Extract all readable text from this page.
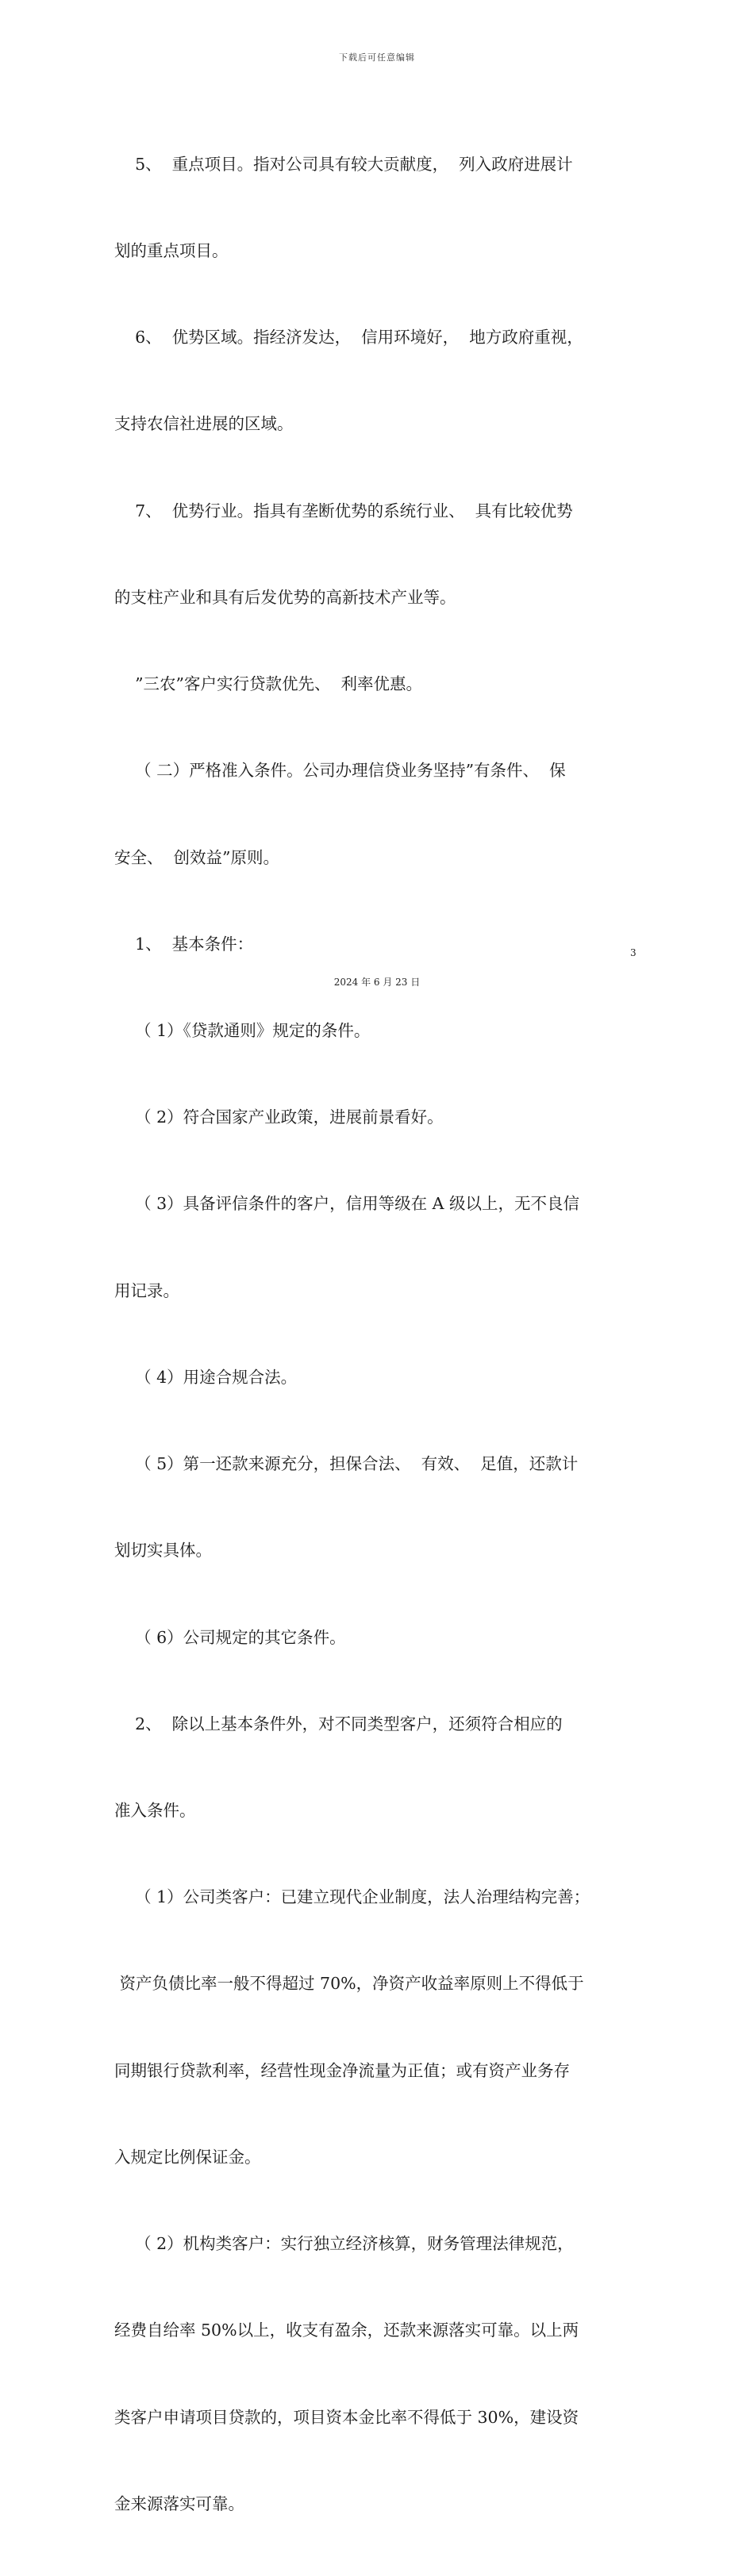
下载后可任意编辑

5、  重点项目。指对公司具有较大贡献度，  列入政府进展计

划的重点项目。

6、  优势区域。指经济发达，  信用环境好，  地方政府重视，

支持农信社进展的区域。

7、  优势行业。指具有垄断优势的系统行业、  具有比较优势

的支柱产业和具有后发优势的高新技术产业等。

”三农”客户实行贷款优先、  利率优惠。

（ 二）严格准入条件。公司办理信贷业务坚持”有条件、  保

安全、  创效益”原则。

1、  基本条件：

（ 1）《贷款通则》规定的条件。

（ 2）符合国家产业政策，进展前景看好。

（ 3）具备评信条件的客户，信用等级在 A 级以上，无不良信

用记录。

（ 4）用途合规合法。

（ 5）第一还款来源充分，担保合法、  有效、  足值，还款计

划切实具体。

（ 6）公司规定的其它条件。

2、  除以上基本条件外，对不同类型客户，还须符合相应的

准入条件。

（ 1）公司类客户：已建立现代企业制度，法人治理结构完善；

资产负债比率一般不得超过 70%，净资产收益率原则上不得低于

同期银行贷款利率，经营性现金净流量为正值；或有资产业务存

入规定比例保证金。

（ 2）机构类客户：实行独立经济核算，财务管理法律规范，

经费自给率 50%以上，收支有盈余，还款来源落实可靠。以上两

类客户申请项目贷款的，项目资本金比率不得低于 30%，建设资

金来源落实可靠。

3
2024 年 6 月 23 日
